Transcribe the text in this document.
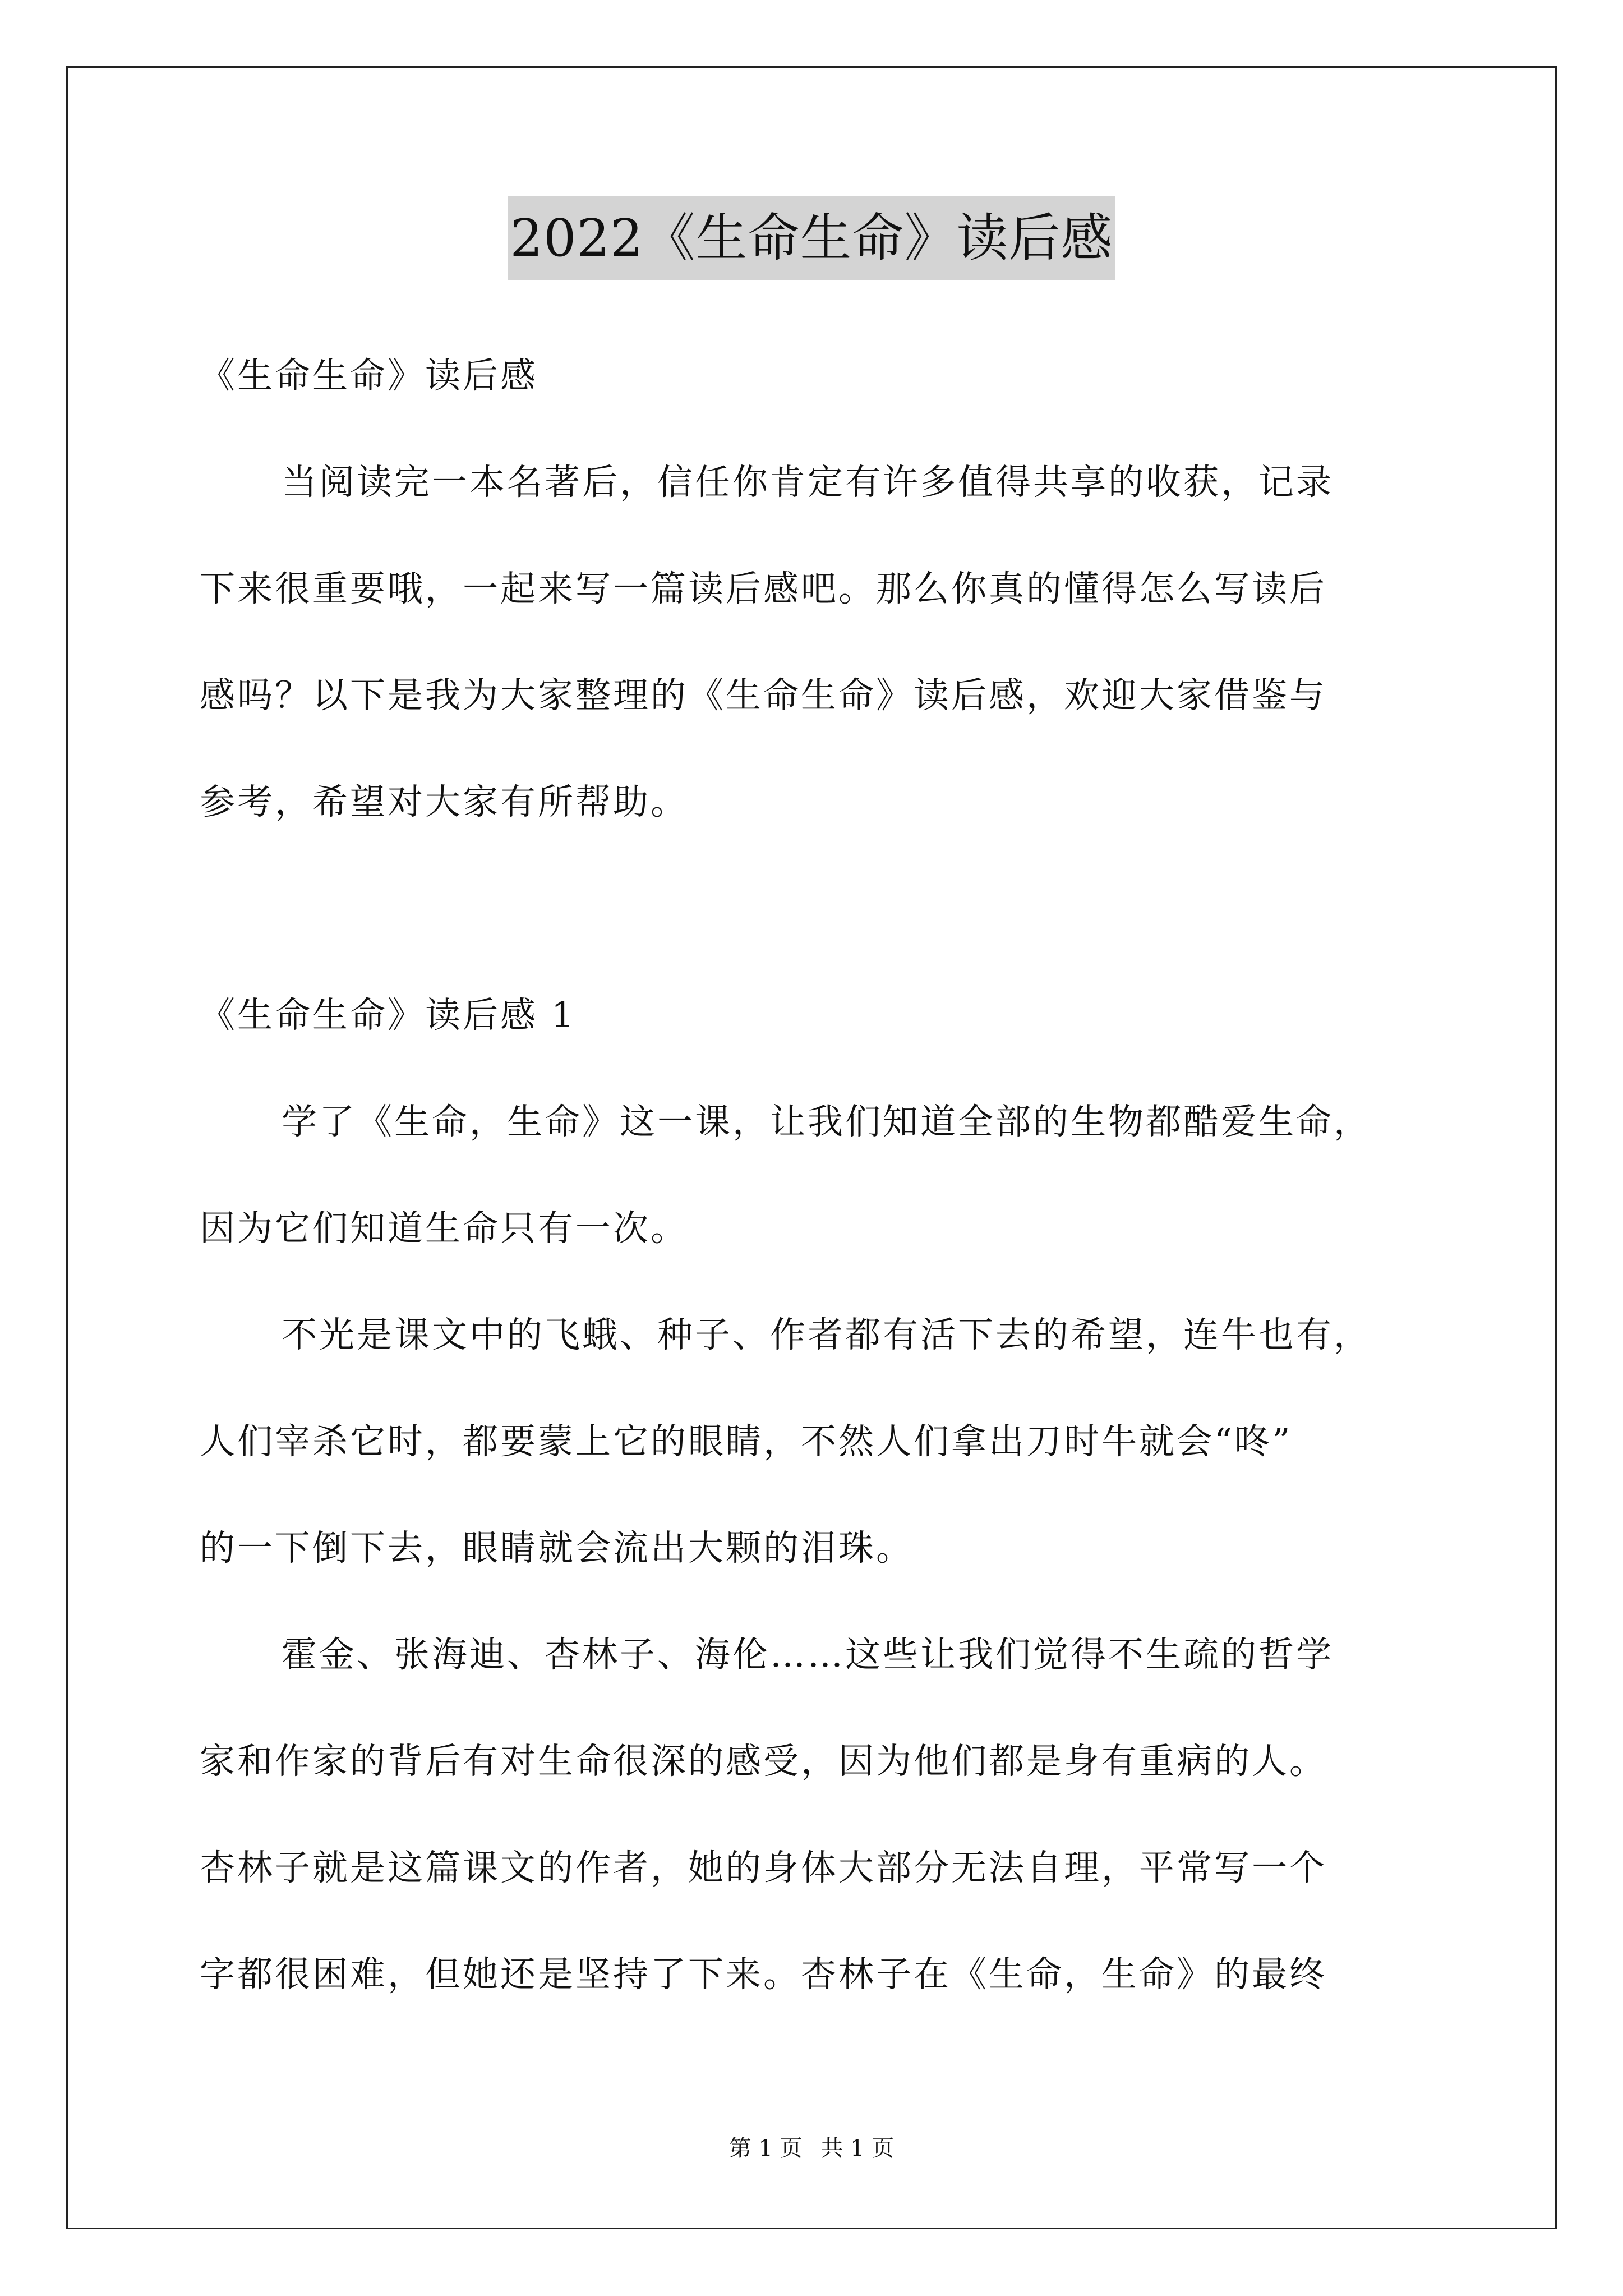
2022《生命生命》读后感
《生命生命》读后感
当阅读完一本名著后，信任你肯定有许多值得共享的收获，记录
下来很重要哦，一起来写一篇读后感吧。那么你真的懂得怎么写读后
感吗？以下是我为大家整理的《生命生命》读后感，欢迎大家借鉴与
参考，希望对大家有所帮助。
《生命生命》读后感 1
学了《生命，生命》这一课，让我们知道全部的生物都酷爱生命，
因为它们知道生命只有一次。
不光是课文中的飞蛾、种子、作者都有活下去的希望，连牛也有，
人们宰杀它时，都要蒙上它的眼睛，不然人们拿出刀时牛就会“咚”
的一下倒下去，眼睛就会流出大颗的泪珠。
霍金、张海迪、杏林子、海伦……这些让我们觉得不生疏的哲学
家和作家的背后有对生命很深的感受，因为他们都是身有重病的人。
杏林子就是这篇课文的作者，她的身体大部分无法自理，平常写一个
字都很困难，但她还是坚持了下来。杏林子在《生命，生命》的最终
第 1 页 共 1 页
